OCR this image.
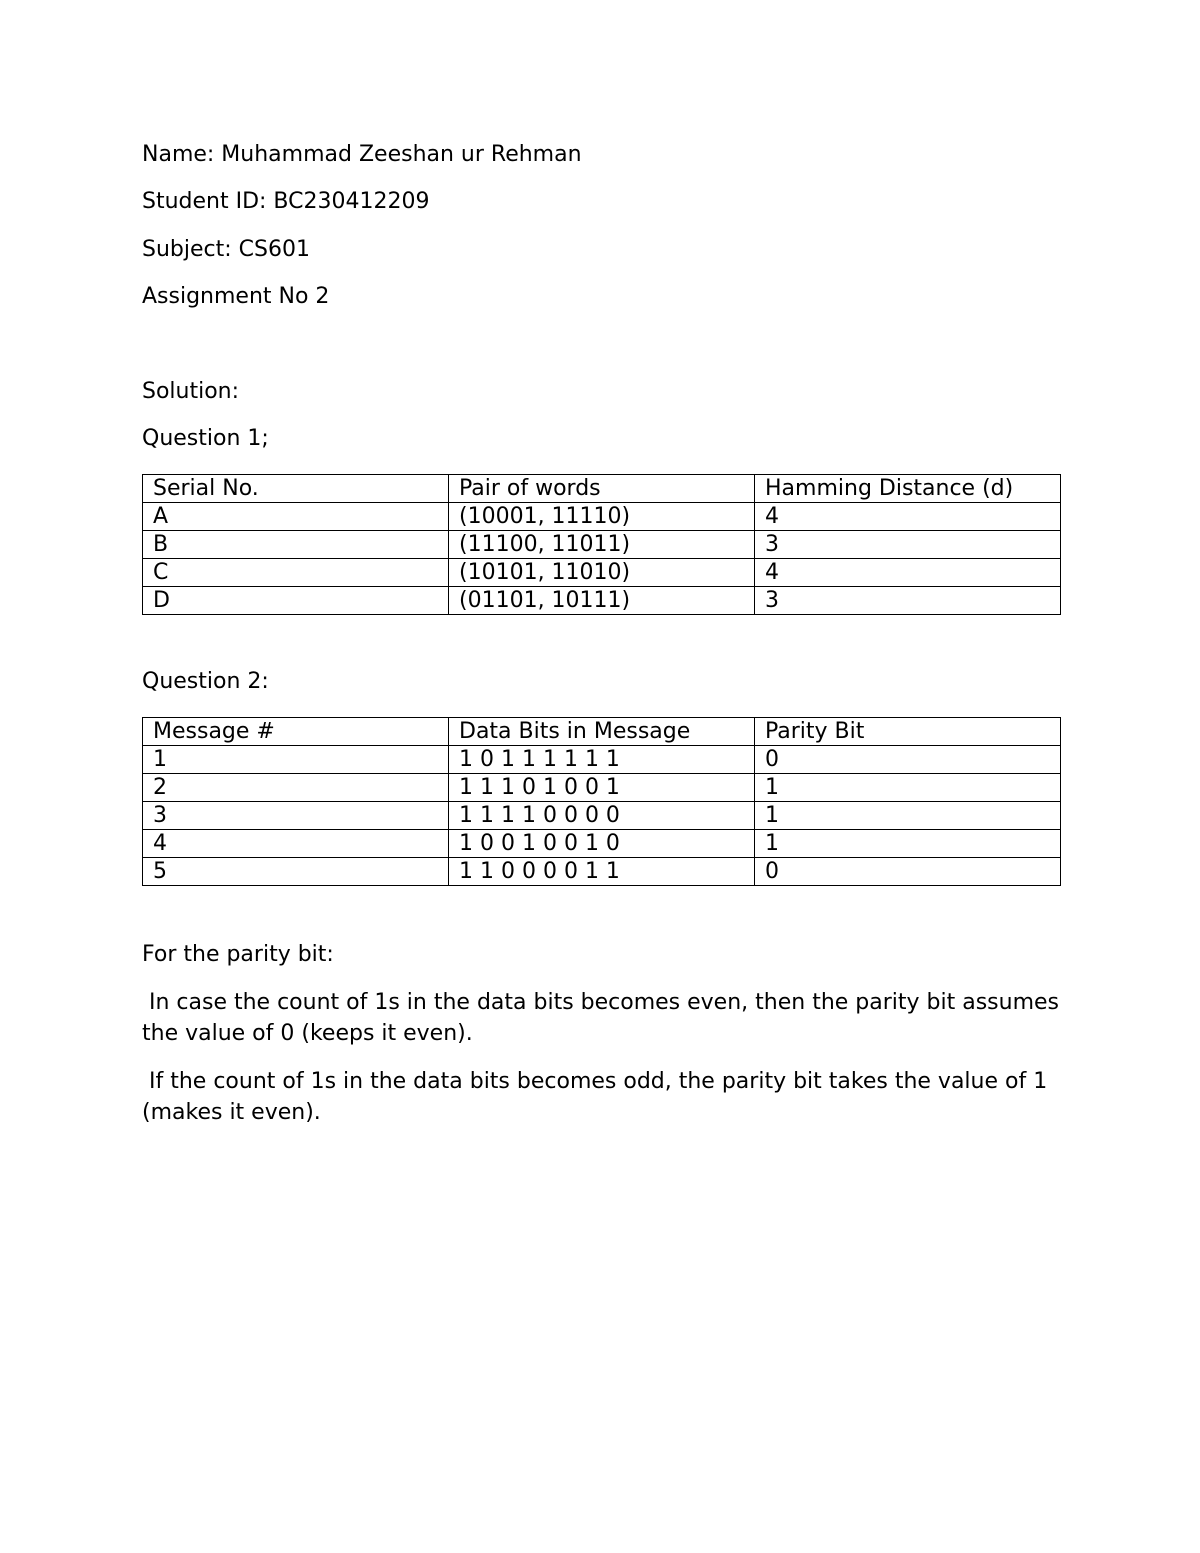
Name: Muhammad Zeeshan ur Rehman
Student ID: BC230412209
Subject: CS601
Assignment No 2
Solution:
Question 1;
Serial No.	Pair of words	Hamming Distance (d)
A	(10001, 11110)	4
B	(11100, 11011)	3
C	(10101, 11010)	4
D	(01101, 10111)	3
Question 2:
Message #	Data Bits in Message	Parity Bit
1	1 0 1 1 1 1 1 1	0
2	1 1 1 0 1 0 0 1	1
3	1 1 1 1 0 0 0 0	1
4	1 0 0 1 0 0 1 0	1
5	1 1 0 0 0 0 1 1	0
For the parity bit:
In case the count of 1s in the data bits becomes even, then the parity bit assumes the value of 0 (keeps it even).
If the count of 1s in the data bits becomes odd, the parity bit takes the value of 1 (makes it even).
